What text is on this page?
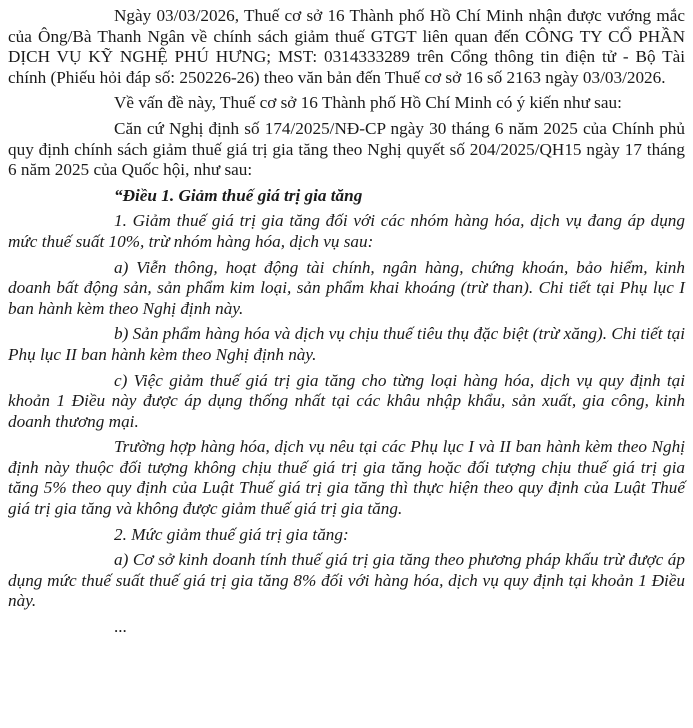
Ngày 03/03/2026, Thuế cơ sở 16 Thành phố Hồ Chí Minh nhận được vướng mắc của Ông/Bà Thanh Ngân về chính sách giảm thuế GTGT liên quan đến CÔNG TY CỔ PHẦN DỊCH VỤ KỸ NGHỆ PHÚ HƯNG; MST: 0314333289 trên Cổng thông tin điện tử - Bộ Tài chính (Phiếu hỏi đáp số: 250226-26) theo văn bản đến Thuế cơ sở 16 số 2163 ngày 03/03/2026.

Về vấn đề này, Thuế cơ sở 16 Thành phố Hồ Chí Minh có ý kiến như sau:

Căn cứ Nghị định số 174/2025/NĐ-CP ngày 30 tháng 6 năm 2025 của Chính phủ quy định chính sách giảm thuế giá trị gia tăng theo Nghị quyết số 204/2025/QH15 ngày 17 tháng 6 năm 2025 của Quốc hội, như sau:

“Điều 1. Giảm thuế giá trị gia tăng

1. Giảm thuế giá trị gia tăng đối với các nhóm hàng hóa, dịch vụ đang áp dụng mức thuế suất 10%, trừ nhóm hàng hóa, dịch vụ sau:

a) Viễn thông, hoạt động tài chính, ngân hàng, chứng khoán, bảo hiểm, kinh doanh bất động sản, sản phẩm kim loại, sản phẩm khai khoáng (trừ than). Chi tiết tại Phụ lục I ban hành kèm theo Nghị định này.

b) Sản phẩm hàng hóa và dịch vụ chịu thuế tiêu thụ đặc biệt (trừ xăng). Chi tiết tại Phụ lục II ban hành kèm theo Nghị định này.

c) Việc giảm thuế giá trị gia tăng cho từng loại hàng hóa, dịch vụ quy định tại khoản 1 Điều này được áp dụng thống nhất tại các khâu nhập khẩu, sản xuất, gia công, kinh doanh thương mại.

Trường hợp hàng hóa, dịch vụ nêu tại các Phụ lục I và II ban hành kèm theo Nghị định này thuộc đối tượng không chịu thuế giá trị gia tăng hoặc đối tượng chịu thuế giá trị gia tăng 5% theo quy định của Luật Thuế giá trị gia tăng thì thực hiện theo quy định của Luật Thuế giá trị gia tăng và không được giảm thuế giá trị gia tăng.

2. Mức giảm thuế giá trị gia tăng:

a) Cơ sở kinh doanh tính thuế giá trị gia tăng theo phương pháp khấu trừ được áp dụng mức thuế suất thuế giá trị gia tăng 8% đối với hàng hóa, dịch vụ quy định tại khoản 1 Điều này.

...
